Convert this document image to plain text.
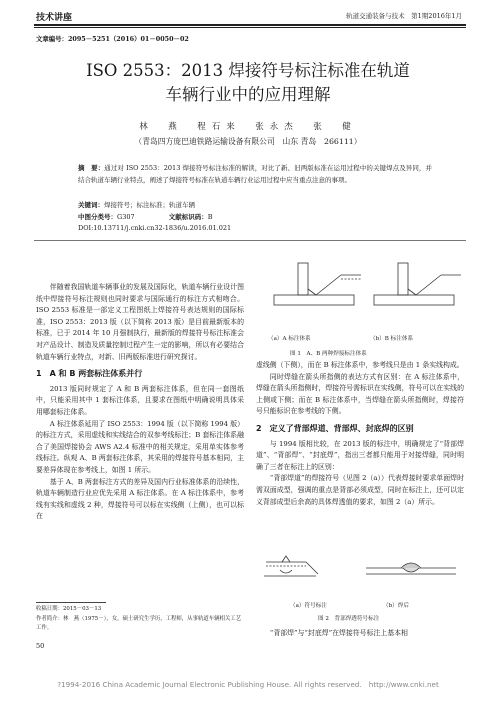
技术讲座	轨道交通装备与技术　第1期2016年1月
文章编号：2095－5251（2016）01－0050－02
ISO 2553：2013 焊接符号标注标准在轨道
车辆行业中的应用理解
林　燕　程石来　张永杰　张　健
（青岛四方庞巴迪铁路运输设备有限公司　山东 青岛　266111）
摘　要：通过对 ISO 2553：2013 焊接符号标注标准的解读，对比了新、旧两版标准在运用过程中的关键焊点及异同，并结合轨道车辆行业特点，阐述了焊接符号标准在轨道车辆行业运用过程中应当重点注意的事项。
关键词：焊接符号；标注标准；轨道车辆
中图分类号：G307	文献标识码：B
DOI:10.13711/j.cnki.cn32-1836/u.2016.01.021

伴随着我国轨道车辆事业的发展及国际化，轨道车辆行业设计图纸中焊接符号标注规则也同时要求与国际通行的标注方式相吻合。ISO 2553 标准是一部定义工程图纸上焊接符号表达规则的国际标准，ISO 2553：2013 版（以下简称 2013 版）是目前最新版本的标准，已于 2014 年 10 月强制执行，最新版的焊接符号标注标准会对产品设计、制造及质量控制过程产生一定的影响，所以有必要结合轨道车辆行业特点，对新、旧两版标准进行研究探讨。

1　A 和 B 两套标注体系并行

2013 版同时规定了 A 和 B 两套标注体系，但在同一套图纸中，只能采用其中 1 套标注体系，且要求在图纸中明确说明具体采用哪套标注体系。

A 标注体系延用了 ISO 2553：1994 版（以下简称 1994 版）的标注方式，采用虚线和实线结合的双参考线标注；B 套标注体系融合了美国焊接协会 AWS A2.4 标准中的相关规定，采用单实体参考线标注。纵观 A、B 两套标注体系，其采用的焊接符号基本相同，主要差异体现在参考线上，如图 1 所示。

基于 A、B 两套标注方式的差异及国内行业标准体系的沿续性，轨道车辆制造行业应优先采用 A 标注体系。在 A 标注体系中，参考线有实线和虚线 2 种，焊接符号可以标在实线侧（上侧），也可以标在

收稿日期：2015－03－13
作者简介：林　燕（1975－），女，硕士研究生学历，工程师，从事轨道车辆相关工艺工作。
50
（a）A 标注体系	（b）B 标注体系
图 1　A、B 两种焊接标注体系

虚线侧（下侧），而在 B 标注体系中，参考线只是由 1 条实线构成。

同时焊缝在箭头所指侧的表达方式有区别：在 A 标注体系中，焊缝在箭头所指侧时，焊接符号需标识在实线侧，符号可以在实线的上侧或下侧；而在 B 标注体系中，当焊缝在箭头所指侧时，焊接符号只能标识在参考线的下侧。

2　定义了背部焊道、背部焊、封底焊的区别

与 1994 版相比较，在 2013 版的标注中，明确规定了“背部焊道”、“背部焊”、“封底焊”，指出三者都只能用于对接焊缝，同时明确了三者在标注上的区别：

“背部焊道”的焊接符号（见图 2（a））代表焊接时要求单面焊时需双面成型，强调的重点是背部必须成型，同时在标注上，还可以定义背部成型后余高的具体焊透值的要求，如图 2（a）所示。

（a）符号标注	（b）焊后
图 2　背部焊透符号标注

“背部焊”与“封底焊”在焊接符号标注上基本相

?1994-2016 China Academic Journal Electronic Publishing House. All rights reserved.　http://www.cnki.net
